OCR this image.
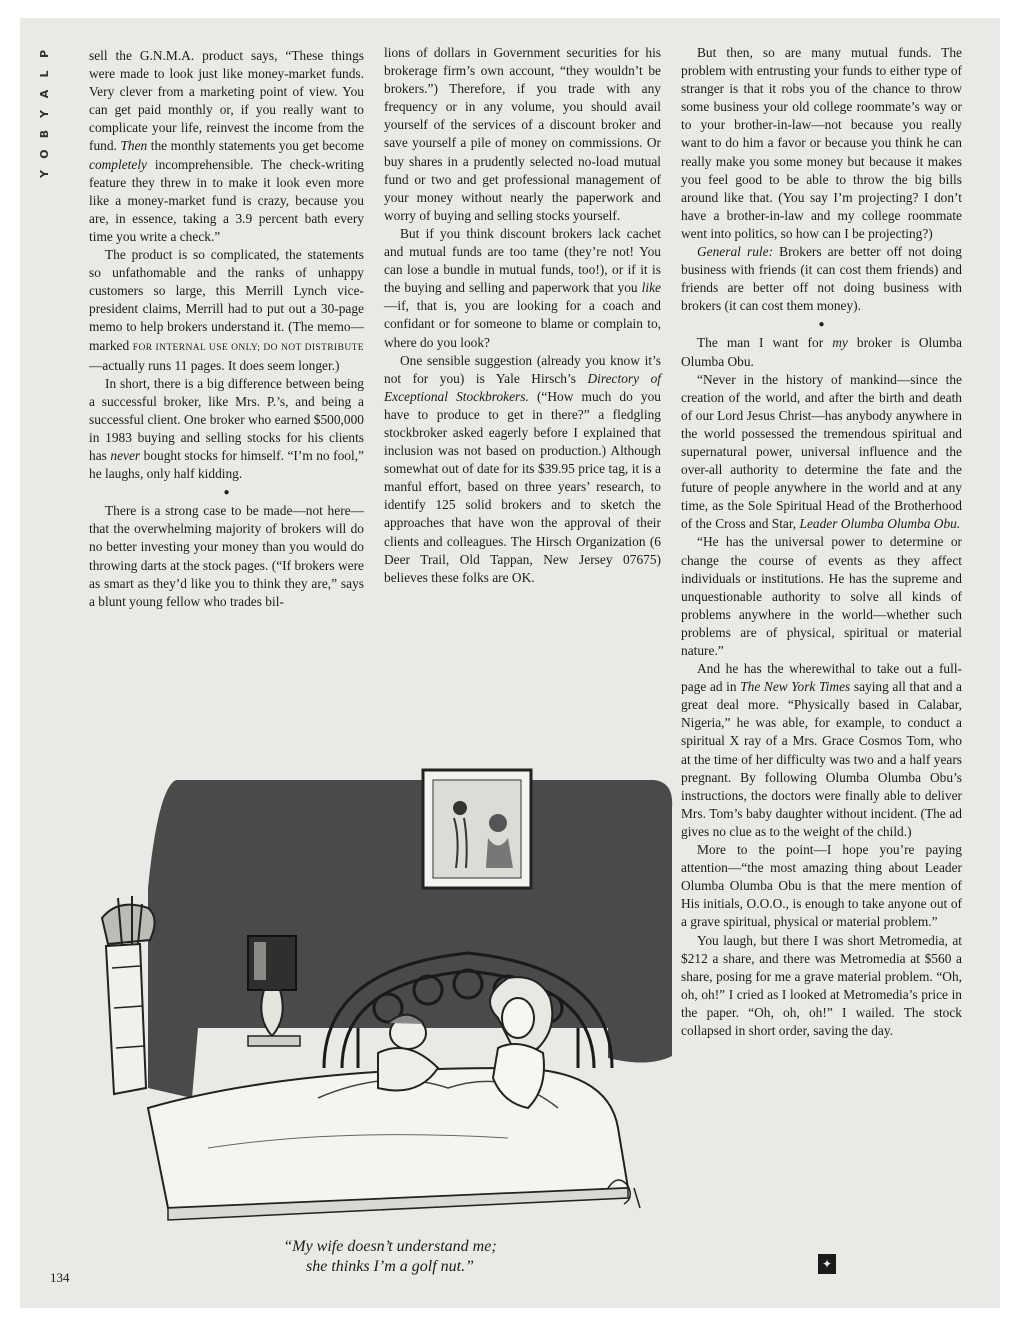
P
L
A
Y
B
O
Y

sell the G.N.M.A. product says, “These things were made to look just like money-market funds. Very clever from a marketing point of view. You can get paid monthly or, if you really want to complicate your life, reinvest the income from the fund. Then the monthly statements you get become completely incomprehensible. The check-writing feature they threw in to make it look even more like a money-market fund is crazy, because you are, in essence, taking a 3.9 percent bath every time you write a check.”

The product is so complicated, the statements so unfathomable and the ranks of unhappy customers so large, this Merrill Lynch vice-president claims, Merrill had to put out a 30-page memo to help brokers understand it. (The memo—marked FOR INTERNAL USE ONLY; DO NOT DISTRIBUTE—actually runs 11 pages. It does seem longer.)

In short, there is a big difference between being a successful broker, like Mrs. P.’s, and being a successful client. One broker who earned $500,000 in 1983 buying and selling stocks for his clients has never bought stocks for himself. “I’m no fool,” he laughs, only half kidding.

●

There is a strong case to be made—not here—that the overwhelming majority of brokers will do no better investing your money than you would do throwing darts at the stock pages. (“If brokers were as smart as they’d like you to think they are,” says a blunt young fellow who trades bil-

lions of dollars in Government securities for his brokerage firm’s own account, “they wouldn’t be brokers.”) Therefore, if you trade with any frequency or in any volume, you should avail yourself of the services of a discount broker and save yourself a pile of money on commissions. Or buy shares in a prudently selected no-load mutual fund or two and get professional management of your money without nearly the paperwork and worry of buying and selling stocks yourself.

But if you think discount brokers lack cachet and mutual funds are too tame (they’re not! You can lose a bundle in mutual funds, too!), or if it is the buying and selling and paperwork that you like—if, that is, you are looking for a coach and confidant or for someone to blame or complain to, where do you look?

One sensible suggestion (already you know it’s not for you) is Yale Hirsch’s Directory of Exceptional Stockbrokers. (“How much do you have to produce to get in there?” a fledgling stockbroker asked eagerly before I explained that inclusion was not based on production.) Although somewhat out of date for its $39.95 price tag, it is a manful effort, based on three years’ research, to identify 125 solid brokers and to sketch the approaches that have won the approval of their clients and colleagues. The Hirsch Organization (6 Deer Trail, Old Tappan, New Jersey 07675) believes these folks are OK.

But then, so are many mutual funds. The problem with entrusting your funds to either type of stranger is that it robs you of the chance to throw some business your old college roommate’s way or to your brother-in-law—not because you really want to do him a favor or because you think he can really make you some money but because it makes you feel good to be able to throw the big bills around like that. (You say I’m projecting? I don’t have a brother-in-law and my college roommate went into politics, so how can I be projecting?)

General rule: Brokers are better off not doing business with friends (it can cost them friends) and friends are better off not doing business with brokers (it can cost them money).

●

The man I want for my broker is Olumba Olumba Obu.

“Never in the history of mankind—since the creation of the world, and after the birth and death of our Lord Jesus Christ—has anybody anywhere in the world possessed the tremendous spiritual and supernatural power, universal influence and the over-all authority to determine the fate and the future of people anywhere in the world and at any time, as the Sole Spiritual Head of the Brotherhood of the Cross and Star, Leader Olumba Olumba Obu.

“He has the universal power to determine or change the course of events as they affect individuals or institutions. He has the supreme and unquestionable authority to solve all kinds of problems anywhere in the world—whether such problems are of physical, spiritual or material nature.”

And he has the wherewithal to take out a full-page ad in The New York Times saying all that and a great deal more. “Physically based in Calabar, Nigeria,” he was able, for example, to conduct a spiritual X ray of a Mrs. Grace Cosmos Tom, who at the time of her difficulty was two and a half years pregnant. By following Olumba Olumba Obu’s instructions, the doctors were finally able to deliver Mrs. Tom’s baby daughter without incident. (The ad gives no clue as to the weight of the child.)

More to the point—I hope you’re paying attention—“the most amazing thing about Leader Olumba Olumba Obu is that the mere mention of His initials, O.O.O., is enough to take anyone out of a grave spiritual, physical or material problem.”

You laugh, but there I was short Metromedia, at $212 a share, and there was Metromedia at $560 a share, posing for me a grave material problem. “Oh, oh, oh!” I cried as I looked at Metromedia’s price in the paper. “Oh, oh, oh!” I wailed. The stock collapsed in short order, saving the day.

“My wife doesn’t understand me;
she thinks I’m a golf nut.”
134
✦
